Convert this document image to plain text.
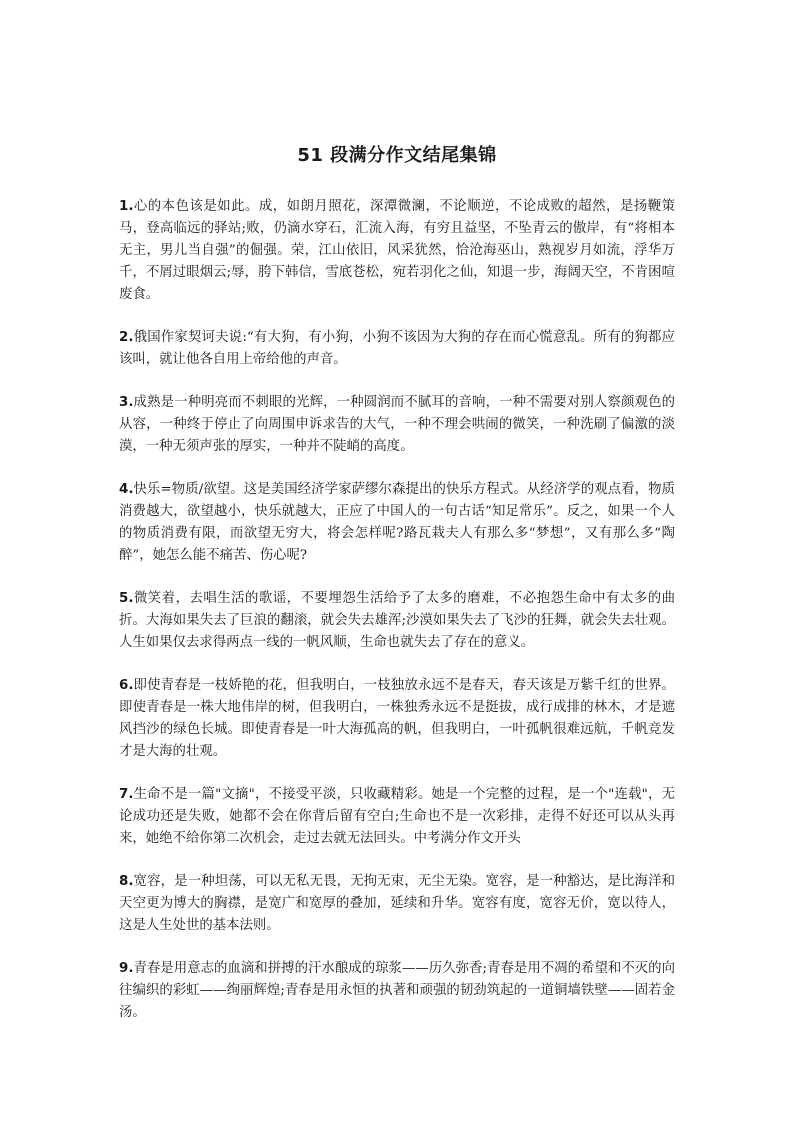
51 段满分作文结尾集锦

1.心的本色该是如此。成，如朗月照花，深潭微澜，不论顺逆，不论成败的超然，是扬鞭策马，登高临远的驿站;败，仍滴水穿石，汇流入海，有穷且益坚，不坠青云的傲岸，有“将相本无主，男儿当自强”的倔强。荣，江山依旧，风采犹然，恰沧海巫山，熟视岁月如流，浮华万千，不屑过眼烟云;辱，胯下韩信，雪底苍松，宛若羽化之仙，知退一步，海阔天空，不肯困喧废食。

2.俄国作家契诃夫说:“有大狗，有小狗，小狗不该因为大狗的存在而心慌意乱。所有的狗都应该叫，就让他各自用上帝给他的声音。

3.成熟是一种明亮而不刺眼的光辉，一种圆润而不腻耳的音响，一种不需要对别人察颜观色的从容，一种终于停止了向周围申诉求告的大气，一种不理会哄闹的微笑，一种洗刷了偏激的淡漠，一种无须声张的厚实，一种并不陡峭的高度。

4.快乐=物质/欲望。这是美国经济学家萨缪尔森提出的快乐方程式。从经济学的观点看，物质消费越大，欲望越小，快乐就越大，正应了中国人的一句古话“知足常乐”。反之，如果一个人的物质消费有限，而欲望无穷大，将会怎样呢?路瓦栽夫人有那么多“梦想”，又有那么多“陶醉”，她怎么能不痛苦、伤心呢?

5.微笑着，去唱生活的歌谣，不要埋怨生活给予了太多的磨难，不必抱怨生命中有太多的曲折。大海如果失去了巨浪的翻滚，就会失去雄浑;沙漠如果失去了飞沙的狂舞，就会失去壮观。人生如果仅去求得两点一线的一帆风顺，生命也就失去了存在的意义。

6.即使青春是一枝娇艳的花，但我明白，一枝独放永远不是春天，春天该是万紫千红的世界。即使青春是一株大地伟岸的树，但我明白，一株独秀永远不是挺拔，成行成排的林木，才是遮风挡沙的绿色长城。即使青春是一叶大海孤高的帆，但我明白，一叶孤帆很难远航，千帆竞发才是大海的壮观。

7.生命不是一篇"文摘"，不接受平淡，只收藏精彩。她是一个完整的过程，是一个"连载"，无论成功还是失败，她都不会在你背后留有空白;生命也不是一次彩排，走得不好还可以从头再来，她绝不给你第二次机会，走过去就无法回头。中考满分作文开头

8.宽容，是一种坦荡，可以无私无畏，无拘无束，无尘无染。宽容，是一种豁达，是比海洋和天空更为博大的胸襟，是宽广和宽厚的叠加，延续和升华。宽容有度，宽容无价，宽以待人，这是人生处世的基本法则。

9.青春是用意志的血滴和拼搏的汗水酿成的琼浆——历久弥香;青春是用不凋的希望和不灭的向往编织的彩虹——绚丽辉煌;青春是用永恒的执著和顽强的韧劲筑起的一道铜墙铁壁——固若金汤。
